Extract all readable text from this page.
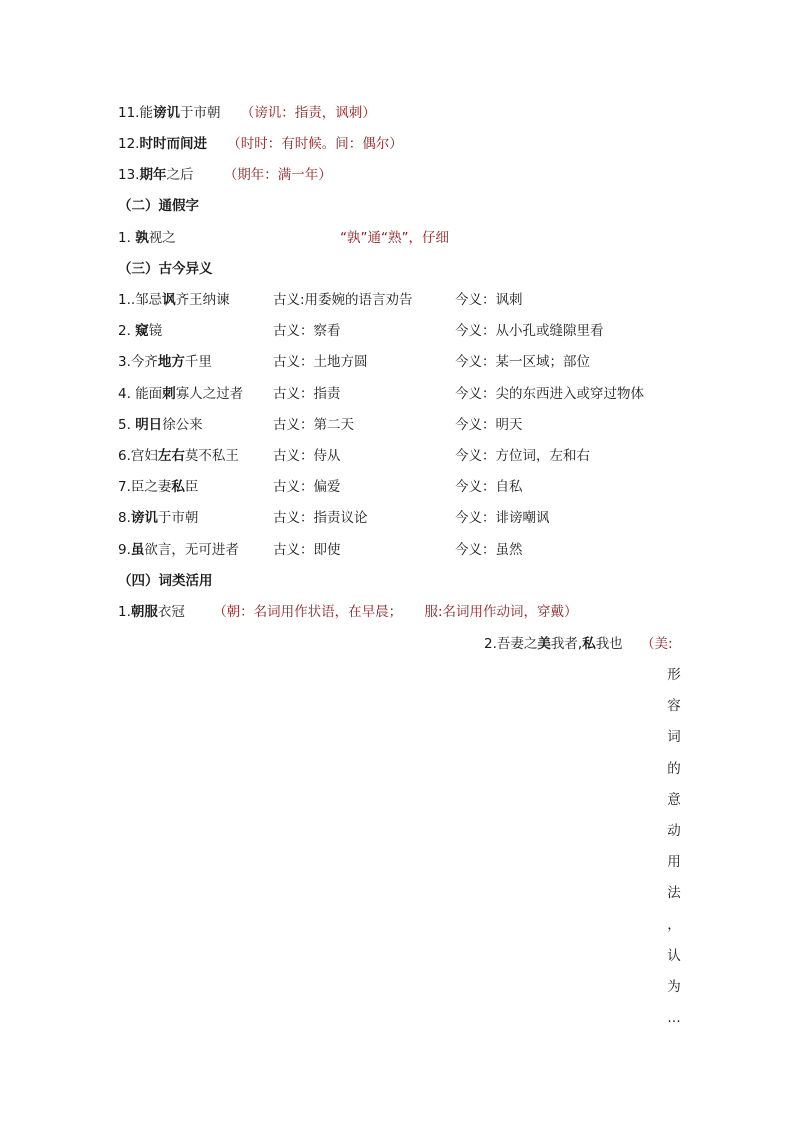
11.能谤讥于市朝 （谤讥：指责，讽刺）
12.时时而间进 （时时：有时候。间：偶尔）
13.期年之后 （期年：满一年）
（二）通假字
1. 孰视之	“孰”通“熟”，仔细
（三）古今异义
1..邹忌讽齐王纳谏	古义:用委婉的语言劝告	今义：讽刺
2. 窥镜	古义：察看	今义：从小孔或缝隙里看
3.今齐地方千里	古义：土地方圆	今义：某一区域；部位
4. 能面刺寡人之过者 古义：指责	今义：尖的东西进入或穿过物体
5. 明日徐公来	古义：第二天	今义：明天
6.宫妇左右莫不私王	古义：侍从	今义：方位词，左和右
7.臣之妻私臣	古义：偏爱	今义：自私
8.谤讥于市朝	古义：指责议论	今义：诽谤嘲讽
9.虽欲言，无可进者	古义：即使	今义：虽然
（四）词类活用
1.朝服衣冠 （朝：名词用作状语，在早晨； 服:名词用作动词，穿戴）
2.吾妻之美我者,私我也 （美:
形
容
词
的
意
动
用
法
，
认
为
…
